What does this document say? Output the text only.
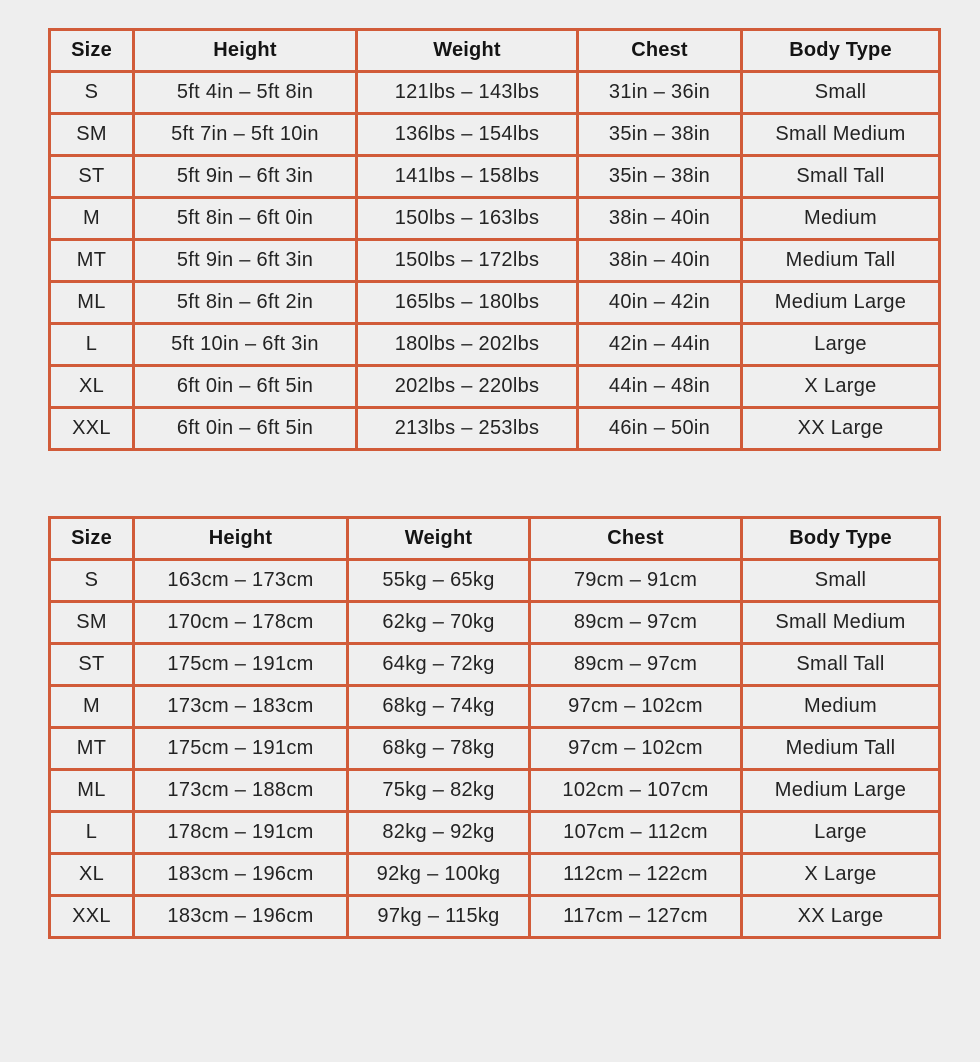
Size	Height	Weight	Chest	Body Type
S	5ft 4in – 5ft 8in	121lbs – 143lbs	31in – 36in	Small
SM	5ft 7in – 5ft 10in	136lbs – 154lbs	35in – 38in	Small Medium
ST	5ft 9in – 6ft 3in	141lbs – 158lbs	35in – 38in	Small Tall
M	5ft 8in – 6ft 0in	150lbs – 163lbs	38in – 40in	Medium
MT	5ft 9in – 6ft 3in	150lbs – 172lbs	38in – 40in	Medium Tall
ML	5ft 8in – 6ft 2in	165lbs – 180lbs	40in – 42in	Medium Large
L	5ft 10in – 6ft 3in	180lbs – 202lbs	42in – 44in	Large
XL	6ft 0in – 6ft 5in	202lbs – 220lbs	44in – 48in	X Large
XXL	6ft 0in – 6ft 5in	213lbs – 253lbs	46in – 50in	XX Large
Size	Height	Weight	Chest	Body Type
S	163cm – 173cm	55kg – 65kg	79cm – 91cm	Small
SM	170cm – 178cm	62kg – 70kg	89cm – 97cm	Small Medium
ST	175cm – 191cm	64kg – 72kg	89cm – 97cm	Small Tall
M	173cm – 183cm	68kg – 74kg	97cm – 102cm	Medium
MT	175cm – 191cm	68kg – 78kg	97cm – 102cm	Medium Tall
ML	173cm – 188cm	75kg – 82kg	102cm – 107cm	Medium Large
L	178cm – 191cm	82kg – 92kg	107cm – 112cm	Large
XL	183cm – 196cm	92kg – 100kg	112cm – 122cm	X Large
XXL	183cm – 196cm	97kg – 115kg	117cm – 127cm	XX Large
